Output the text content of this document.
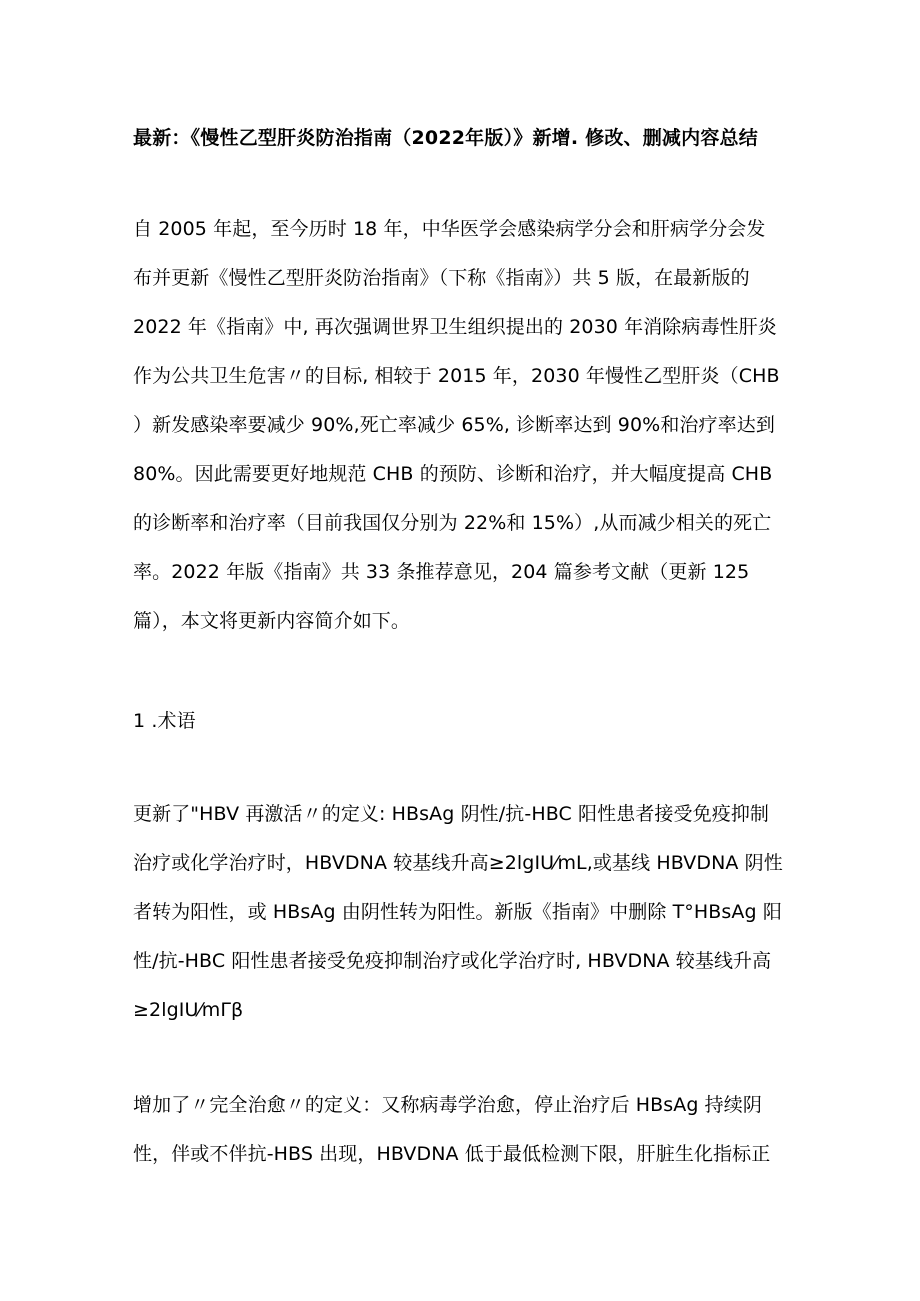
最新：《慢性乙型肝炎防治指南（2022年版）》新增. 修改、删减内容总结
自 2005 年起，至今历时 18 年，中华医学会感染病学分会和肝病学分会发
布并更新《慢性乙型肝炎防治指南》（下称《指南》）共 5 版，在最新版的
2022 年《指南》中, 再次强调世界卫生组织提出的 2030 年消除病毒性肝炎
作为公共卫生危害〃的目标, 相较于 2015 年，2030 年慢性乙型肝炎（CHB
）新发感染率要减少 90%,死亡率减少 65%, 诊断率达到 90%和治疗率达到
80%。因此需要更好地规范 CHB 的预防、诊断和治疗，并大幅度提高 CHB
的诊断率和治疗率（目前我国仅分别为 22%和 15%）,从而减少相关的死亡
率。2022 年版《指南》共 33 条推荐意见，204 篇参考文献（更新 125
篇），本文将更新内容简介如下。
1 .术语
更新了"HBV 再激活〃的定义: HBsAg 阴性/抗-HBC 阳性患者接受免疫抑制
治疗或化学治疗时，HBVDNA 较基线升高≥2lgIU⁄mL,或基线 HBVDNA 阴性
者转为阳性，或 HBsAg 由阴性转为阳性。新版《指南》中删除 T°HBsAg 阳
性/抗-HBC 阳性患者接受免疫抑制治疗或化学治疗时, HBVDNA 较基线升高
≥2lgIU⁄mΓβ
增加了〃完全治愈〃的定义：又称病毒学治愈，停止治疗后 HBsAg 持续阴
性，伴或不伴抗-HBS 出现，HBVDNA 低于最低检测下限，肝脏生化指标正
